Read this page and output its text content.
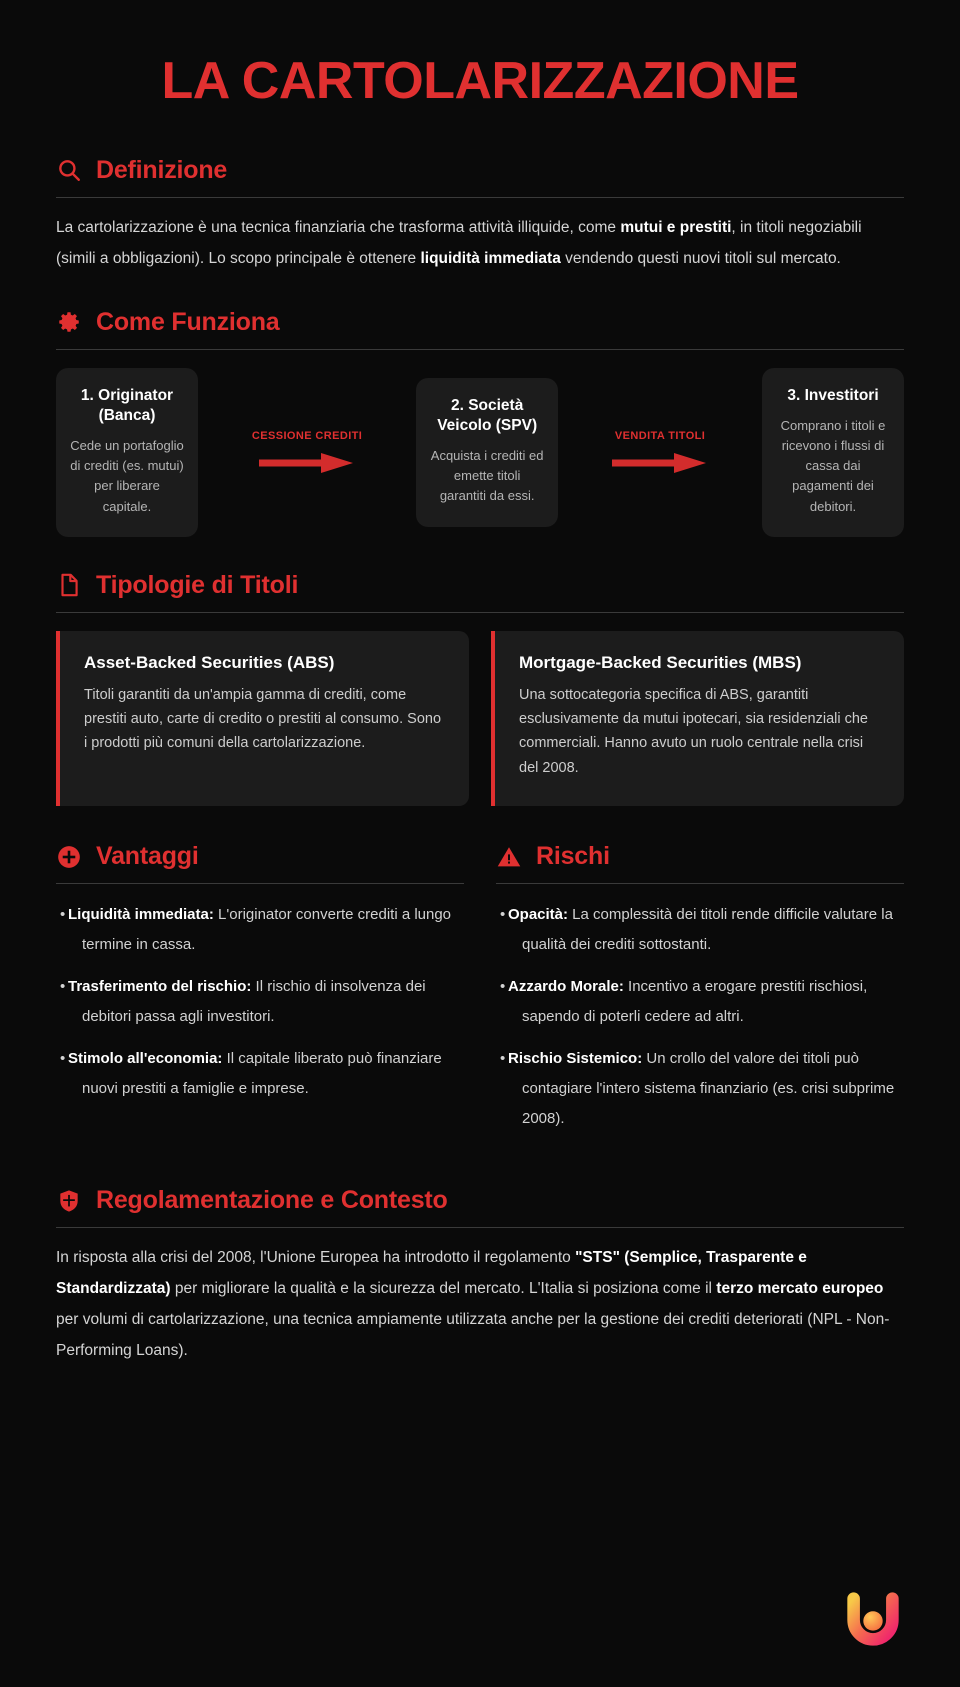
LA CARTOLARIZZAZIONE
Definizione

La cartolarizzazione è una tecnica finanziaria che trasforma attività illiquide, come mutui e prestiti, in titoli negoziabili (simili a obbligazioni). Lo scopo principale è ottenere liquidità immediata vendendo questi nuovi titoli sul mercato.

Come Funziona
1. Originator (Banca)
Cede un portafoglio di crediti (es. mutui) per liberare capitale.
CESSIONE CREDITI
2. Società Veicolo (SPV)
Acquista i crediti ed emette titoli garantiti da essi.
VENDITA TITOLI
3. Investitori
Comprano i titoli e ricevono i flussi di cassa dai pagamenti dei debitori.
Tipologie di Titoli
Asset-Backed Securities (ABS)
Titoli garantiti da un'ampia gamma di crediti, come prestiti auto, carte di credito o prestiti al consumo. Sono i prodotti più comuni della cartolarizzazione.
Mortgage-Backed Securities (MBS)
Una sottocategoria specifica di ABS, garantiti esclusivamente da mutui ipotecari, sia residenziali che commerciali. Hanno avuto un ruolo centrale nella crisi del 2008.
Vantaggi
• Liquidità immediata: L'originator converte crediti a lungo termine in cassa.
• Trasferimento del rischio: Il rischio di insolvenza dei debitori passa agli investitori.
• Stimolo all'economia: Il capitale liberato può finanziare nuovi prestiti a famiglie e imprese.
Rischi
• Opacità: La complessità dei titoli rende difficile valutare la qualità dei crediti sottostanti.
• Azzardo Morale: Incentivo a erogare prestiti rischiosi, sapendo di poterli cedere ad altri.
• Rischio Sistemico: Un crollo del valore dei titoli può contagiare l'intero sistema finanziario (es. crisi subprime 2008).
Regolamentazione e Contesto

In risposta alla crisi del 2008, l'Unione Europea ha introdotto il regolamento "STS" (Semplice, Trasparente e Standardizzata) per migliorare la qualità e la sicurezza del mercato. L'Italia si posiziona come il terzo mercato europeo per volumi di cartolarizzazione, una tecnica ampiamente utilizzata anche per la gestione dei crediti deteriorati (NPL - Non-Performing Loans).
